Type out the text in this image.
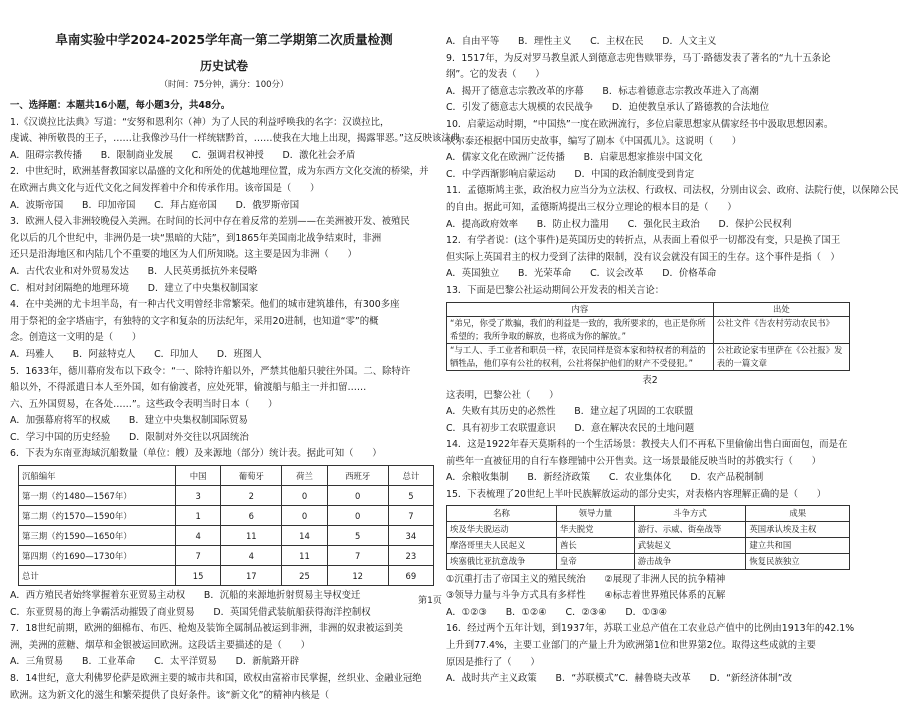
阜南实验中学2024-2025学年高一第二学期第二次质量检测
历史试卷
（时间：75分钟，满分：100分）
一、选择题：本题共16小题，每小题3分，共48分。
1.《汉谟拉比法典》写道：“安努和恩利尔（神）为了人民的利益呼唤我的名字：汉谟拉比，
虔诚、神所敬畏的王子，……让我像沙马什一样统辖黔首，……使我在大地上出现，揭露罪恶。”这反映该法典
A．阻碍宗教传播　　B．限制商业发展　　C．强调君权神授　　D．激化社会矛盾
2．中世纪时，欧洲基督教国家以晶盛的文化和所处的优越地理位置，成为东西方文化交流的桥梁，并
在欧洲古典文化与近代文化之间发挥着中介和传承作用。该帝国是（　　）
A．波斯帝国　　B．印加帝国　　C．拜占庭帝国　　D．俄罗斯帝国
3．欧洲人侵入非洲较晚侵入美洲。在时间的长河中存在着反常的差别——在美洲被开发、被殖民
化以后的几个世纪中，非洲仍是一块“黑暗的大陆”，到1865年美国南北战争结束时，非洲
还只是沿海地区和内陆几个不重要的地区为人们所知晓。这主要是因为非洲（　　）
A．古代农业和对外贸易发达　　B．人民英勇抵抗外来侵略
C．相对封闭隔绝的地理环境　　D．建立了中央集权制国家
4．在中美洲的尤卡坦半岛，有一种古代文明曾经非常繁荣。他们的城市建筑雄伟，有300多座
用于祭祀的金字塔庙宇，有独特的文字和复杂的历法纪年，采用20进制，也知道“零”的概
念。创造这一文明的是（　　）
A．玛雅人　　B．阿兹特克人　　C．印加人　　D．班图人
5．1633年，德川幕府发布以下政令：“一、除特许船以外，严禁其他船只驶往外国。二、除特许
船以外，不得派遣日本人至外国，如有偷渡者，应处死罪，偷渡船与船主一并扣留……
六、五外国贸易，在各处……”。这些政令表明当时日本（　　）
A．加强幕府将军的权威　　B．建立中央集权制国际贸易
C．学习中国的历史经验　　D．限制对外交往以巩固统治
6．下表为东南亚海域沉船数量（单位：艘）及来源地（部分）统计表。据此可知（　　）
沉船编年	中国	葡萄牙	荷兰	西班牙	总计
第一期（约1480—1567年）	3	2	0	0	5
第二期（约1570—1590年）	1	6	0	0	7
第三期（约1590—1650年）	4	11	14	5	34
第四期（约1690—1730年）	7	4	11	7	23
总计	15	17	25	12	69
A．西方殖民者始终掌握着东亚贸易主动权　　B．沉船的来源地折射贸易主导权变迁
C．东亚贸易的海上争霸活动摧毁了商业贸易　　D．英国凭借武装航船获得海洋控制权
7．18世纪前期，欧洲的細棉布、布匹、枪炮及装饰全属制品被运到非洲，非洲的奴隶被运到美
洲，美洲的蔗糖、烟草和金银被运回欧洲。这段话主要描述的是（　　）
A．三角贸易　　B．工业革命　　C．太平洋贸易　　D．新航路开辟
8．14世纪，意大利佛罗伦萨是欧洲主要的城市共和国，欧权由富裕市民掌握，丝织业、金融业冠绝
欧洲。这为新文化的滋生和繁荣提供了良好条件。该“新文化”的精神内核是（
A．自由平等　　B．理性主义　　C．主权在民　　D．人文主义
9．1517年，为反对罗马教皇派人到德意志兜售赎罪券，马丁·路德发表了著名的“九十五条论
纲”。它的发表（　　）
A．揭开了德意志宗教改革的序幕　　B．标志着德意志宗教改革进入了高潮
C．引发了德意志大规模的农民战争　　D．迫使教皇承认了路德教的合法地位
10．启蒙运动时期，“中国热”一度在欧洲流行，多位启蒙思想家从儒家经书中汲取思想因素。
伏尔泰还根据中国历史故事，编写了剧本《中国孤儿》。这说明（　　）
A．儒家文化在欧洲广泛传播　　B．启蒙思想家推崇中国文化
C．中学西渐影响启蒙运动　　D．中国的政治制度受到肯定
11．孟德斯鸠主张，政治权力应当分为立法权、行政权、司法权，分别由议会、政府、法院行使，以保障公民
的自由。据此可知，孟德斯鸠提出三权分立理论的根本目的是（　　）
A．提高政府效率　　B．防止权力滥用　　C．强化民主政治　　D．保护公民权利
12．有学者说：(这个事件)是英国历史的转折点，从表面上看似乎一切都没有变，只是换了国王
但实际上英国君主的权力受到了法律的限制，没有议会就没有国王的生存。这个事件是指（　）
A．英国独立　　B．光荣革命　　C．议会改革　　D．价格革命
13．下面是巴黎公社运动期间公开发表的相关言论：
内容	出处
“弟兄，你受了欺骗，我们的利益是一致的，我所要求的，也正是你所希望的；我所争取的解放，也将成为你的解放。”	公社文件《告农村劳动农民书》
“与工人、手工业者和职员一样，农民同样是资本家和特权者的利益的牺牲品，他们享有公社的权利，公社将保护他们的财产不受侵犯。”	公社政论家韦里萨在《公社报》发表的一篇文章
表2
这表明，巴黎公社（　　）
A．失败有其历史的必然性　　B．建立起了巩固的工农联盟
C．具有初步工农联盟意识　　D．意在解决农民的土地问题
14．这是1922年春天莫斯科的一个生活场景：教授夫人们不再私下里偷偷出售白面面包，而是在
前些年一直被征用的自行车修理铺中公开售卖。这一场景最能反映当时的苏俄实行（　　）
A．余粮收集制　　B．新经济政策　　C．农业集体化　　D．农产品税制制
15．下表梳理了20世纪上半叶民族解放运动的部分史实，对表格内容理解正确的是（　　）
名称	领导力量	斗争方式	成果
埃及华夫脱运动	华夫脱党	游行、示威、街垒战等	英国承认埃及主权
摩洛哥里夫人民起义	酋长	武装起义	建立共和国
埃塞俄比亚抗意战争	皇帝	游击战争	恢复民族独立
①沉重打击了帝国主义的殖民统治　　②展现了非洲人民的抗争精神
③领导力量与斗争方式具有多样性　　④标志着世界殖民体系的瓦解
A．①②③　　B．①②④　　C．②③④　　D．①③④
16．经过两个五年计划，到1937年，苏联工业总产值在工农业总产值中的比例由1913年的42.1%
上升到77.4%，主要工业部门的产量上升为欧洲第1位和世界第2位。取得这些成就的主要
原因是推行了（　　）
A．战时共产主义政策　　B．“苏联模式”C．赫鲁晓夫改革　　D．“新经济体制”改
第1页
